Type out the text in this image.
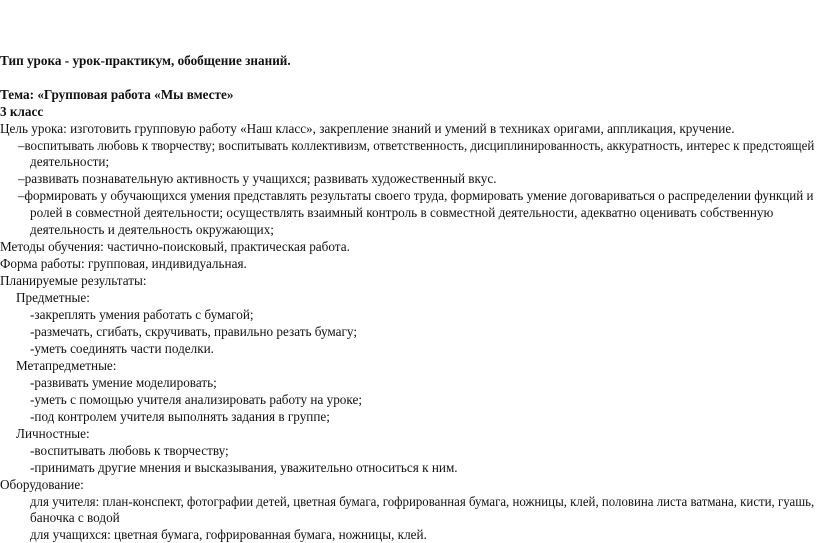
Тип урока - урок-практикум, обобщение знаний.
Тема: «Групповая работа «Мы вместе»
3 класс
Цель урока: изготовить групповую работу «Наш класс», закрепление знаний и умений в техниках оригами, аппликация, кручение.
–воспитывать любовь к творчеству; воспитывать коллективизм, ответственность, дисциплинированность, аккуратность, интерес к предстоящей
деятельности;
–развивать познавательную активность у учащихся; развивать художественный вкус.
–формировать у обучающихся умения представлять результаты своего труда, формировать умение договариваться о распределении функций и
ролей в совместной деятельности; осуществлять взаимный контроль в совместной деятельности, адекватно оценивать собственную
деятельность и деятельность окружающих;
Методы обучения: частично-поисковый, практическая работа.
Форма работы: групповая, индивидуальная.
Планируемые результаты:
Предметные:
-закреплять умения работать с бумагой;
-размечать, сгибать, скручивать, правильно резать бумагу;
-уметь соединять части поделки.
Метапредметные:
-развивать умение моделировать;
-уметь с помощью учителя анализировать работу на уроке;
-под контролем учителя выполнять задания в группе;
Личностные:
-воспитывать любовь к творчеству;
-принимать другие мнения и высказывания, уважительно относиться к ним.
Оборудование:
для учителя: план-конспект, фотографии детей, цветная бумага, гофрированная бумага, ножницы, клей, половина листа ватмана, кисти, гуашь,
баночка с водой
для учащихся: цветная бумага, гофрированная бумага, ножницы, клей.
